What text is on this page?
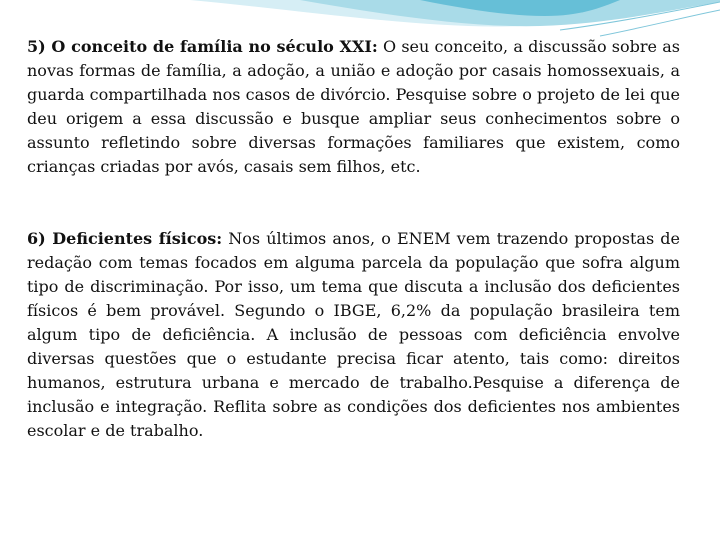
5) O conceito de família no século XXI: O seu conceito, a discussão sobre as novas formas de família, a adoção, a união e adoção por casais homossexuais, a guarda compartilhada nos casos de divórcio. Pesquise sobre o projeto de lei que deu origem a essa discussão e busque ampliar seus conhecimentos sobre o assunto refletindo sobre diversas formações familiares que existem, como crianças criadas por avós, casais sem filhos, etc.

6) Deficientes físicos: Nos últimos anos, o ENEM vem trazendo propostas de redação com temas focados em alguma parcela da população que sofra algum tipo de discriminação. Por isso, um tema que discuta a inclusão dos deficientes físicos é bem provável. Segundo o IBGE, 6,2% da população brasileira tem algum tipo de deficiência. A inclusão de pessoas com deficiência envolve diversas questões que o estudante precisa ficar atento, tais como: direitos humanos, estrutura urbana e mercado de trabalho.Pesquise a diferença de inclusão e integração. Reflita sobre as condições dos deficientes nos ambientes escolar e de trabalho.
